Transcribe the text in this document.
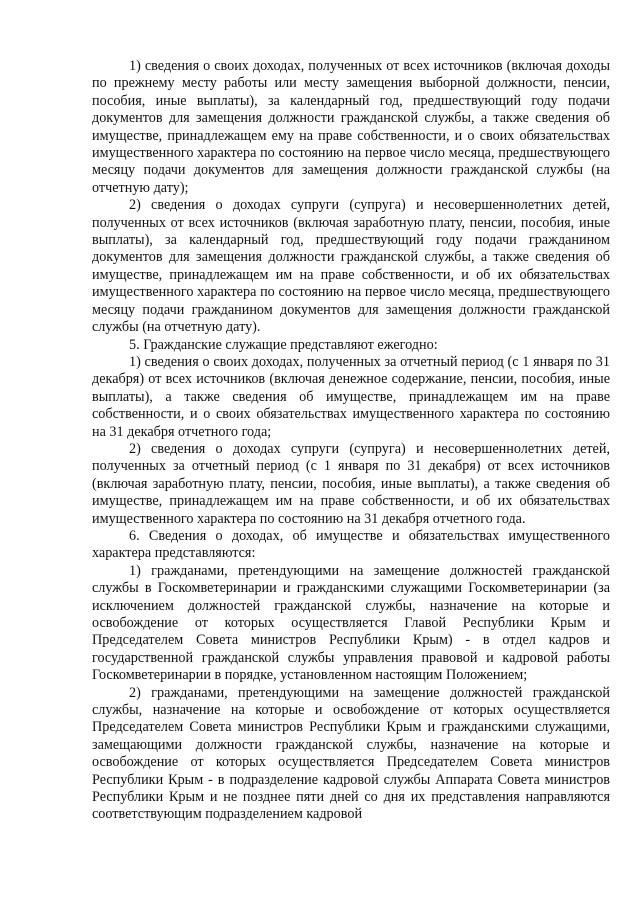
1) сведения о своих доходах, полученных от всех источников (включая доходы по прежнему месту работы или месту замещения выборной должности, пенсии, пособия, иные выплаты), за календарный год, предшествующий году подачи документов для замещения должности гражданской службы, а также сведения об имуществе, принадлежащем ему на праве собственности, и о своих обязательствах имущественного характера по состоянию на первое число месяца, предшествующего месяцу подачи документов для замещения должности гражданской службы (на отчетную дату);

2) сведения о доходах супруги (супруга) и несовершеннолетних детей, полученных от всех источников (включая заработную плату, пенсии, пособия, иные выплаты), за календарный год, предшествующий году подачи гражданином документов для замещения должности гражданской службы, а также сведения об имуществе, принадлежащем им на праве собственности, и об их обязательствах имущественного характера по состоянию на первое число месяца, предшествующего месяцу подачи гражданином документов для замещения должности гражданской службы (на отчетную дату).

5. Гражданские служащие представляют ежегодно:

1) сведения о своих доходах, полученных за отчетный период (с 1 января по 31 декабря) от всех источников (включая денежное содержание, пенсии, пособия, иные выплаты), а также сведения об имуществе, принадлежащем им на праве собственности, и о своих обязательствах имущественного характера по состоянию на 31 декабря отчетного года;

2) сведения о доходах супруги (супруга) и несовершеннолетних детей, полученных за отчетный период (с 1 января по 31 декабря) от всех источников (включая заработную плату, пенсии, пособия, иные выплаты), а также сведения об имуществе, принадлежащем им на праве собственности, и об их обязательствах имущественного характера по состоянию на 31 декабря отчетного года.

6. Сведения о доходах, об имуществе и обязательствах имущественного характера представляются:

1) гражданами, претендующими на замещение должностей гражданской службы в Госкомветеринарии и гражданскими служащими Госкомветеринарии (за исключением должностей гражданской службы, назначение на которые и освобождение от которых осуществляется Главой Республики Крым и Председателем Совета министров Республики Крым) - в отдел кадров и государственной гражданской службы управления правовой и кадровой работы Госкомветеринарии в порядке, установленном настоящим Положением;

2) гражданами, претендующими на замещение должностей гражданской службы, назначение на которые и освобождение от которых осуществляется Председателем Совета министров Республики Крым и гражданскими служащими, замещающими должности гражданской службы, назначение на которые и освобождение от которых осуществляется Председателем Совета министров Республики Крым - в подразделение кадровой службы Аппарата Совета министров Республики Крым и не позднее пяти дней со дня их представления направляются соответствующим подразделением кадровой
